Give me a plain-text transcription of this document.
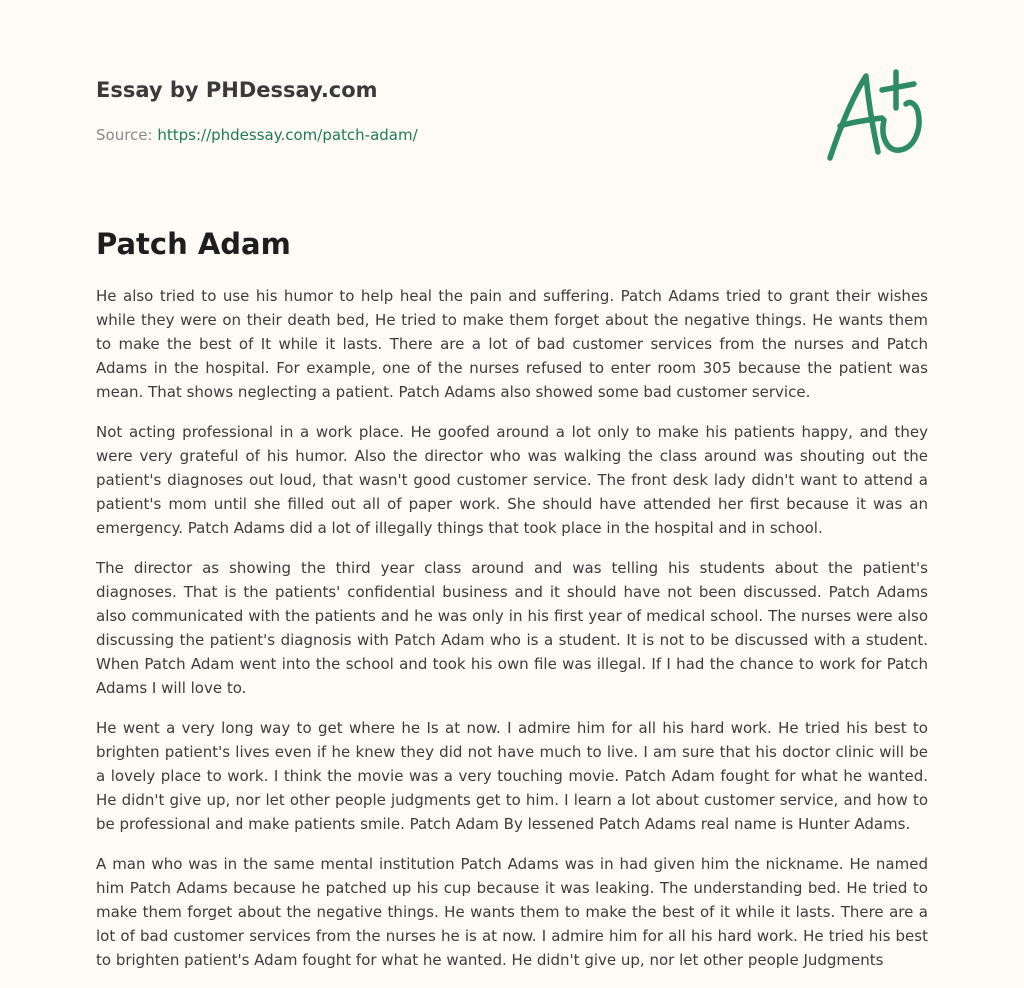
Essay by PHDessay.com
Source: https://phdessay.com/patch-adam/
Patch Adam

He also tried to use his humor to help heal the pain and suffering. Patch Adams tried to grant their wishes while they were on their death bed, He tried to make them forget about the negative things. He wants them to make the best of It while it lasts. There are a lot of bad customer services from the nurses and Patch Adams in the hospital. For example, one of the nurses refused to enter room 305 because the patient was mean. That shows neglecting a patient. Patch Adams also showed some bad customer service.

Not acting professional in a work place. He goofed around a lot only to make his patients happy, and they were very grateful of his humor. Also the director who was walking the class around was shouting out the patient's diagnoses out loud, that wasn't good customer service. The front desk lady didn't want to attend a patient's mom until she filled out all of paper work. She should have attended her first because it was an emergency. Patch Adams did a lot of illegally things that took place in the hospital and in school.

The director as showing the third year class around and was telling his students about the patient's diagnoses. That is the patients' confidential business and it should have not been discussed. Patch Adams also communicated with the patients and he was only in his first year of medical school. The nurses were also discussing the patient's diagnosis with Patch Adam who is a student. It is not to be discussed with a student. When Patch Adam went into the school and took his own file was illegal. If I had the chance to work for Patch Adams I will love to.

He went a very long way to get where he Is at now. I admire him for all his hard work. He tried his best to brighten patient's lives even if he knew they did not have much to live. I am sure that his doctor clinic will be a lovely place to work. I think the movie was a very touching movie. Patch Adam fought for what he wanted. He didn't give up, nor let other people judgments get to him. I learn a lot about customer service, and how to be professional and make patients smile. Patch Adam By lessened Patch Adams real name is Hunter Adams.

A man who was in the same mental institution Patch Adams was in had given him the nickname. He named him Patch Adams because he patched up his cup because it was leaking. The understanding bed. He tried to make them forget about the negative things. He wants them to make the best of it while it lasts. There are a lot of bad customer services from the nurses he is at now. I admire him for all his hard work. He tried his best to brighten patient's Adam fought for what he wanted. He didn't give up, nor let other people Judgments
